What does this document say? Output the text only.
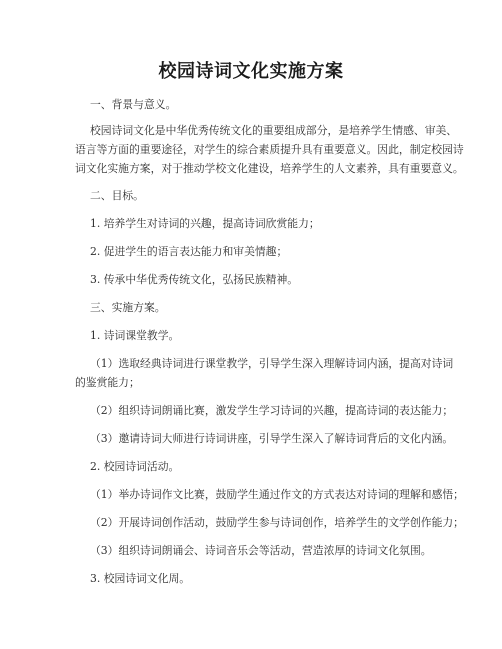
校园诗词文化实施方案

一、背景与意义。

校园诗词文化是中华优秀传统文化的重要组成部分，是培养学生情感、审美、

语言等方面的重要途径，对学生的综合素质提升具有重要意义。因此，制定校园诗

词文化实施方案，对于推动学校文化建设，培养学生的人文素养，具有重要意义。

二、目标。

1. 培养学生对诗词的兴趣，提高诗词欣赏能力；

2. 促进学生的语言表达能力和审美情趣；

3. 传承中华优秀传统文化，弘扬民族精神。

三、实施方案。

1. 诗词课堂教学。

（1）选取经典诗词进行课堂教学，引导学生深入理解诗词内涵，提高对诗词

的鉴赏能力；

（2）组织诗词朗诵比赛，激发学生学习诗词的兴趣，提高诗词的表达能力；

（3）邀请诗词大师进行诗词讲座，引导学生深入了解诗词背后的文化内涵。

2. 校园诗词活动。

（1）举办诗词作文比赛，鼓励学生通过作文的方式表达对诗词的理解和感悟；

（2）开展诗词创作活动，鼓励学生参与诗词创作，培养学生的文学创作能力；

（3）组织诗词朗诵会、诗词音乐会等活动，营造浓厚的诗词文化氛围。

3. 校园诗词文化周。
